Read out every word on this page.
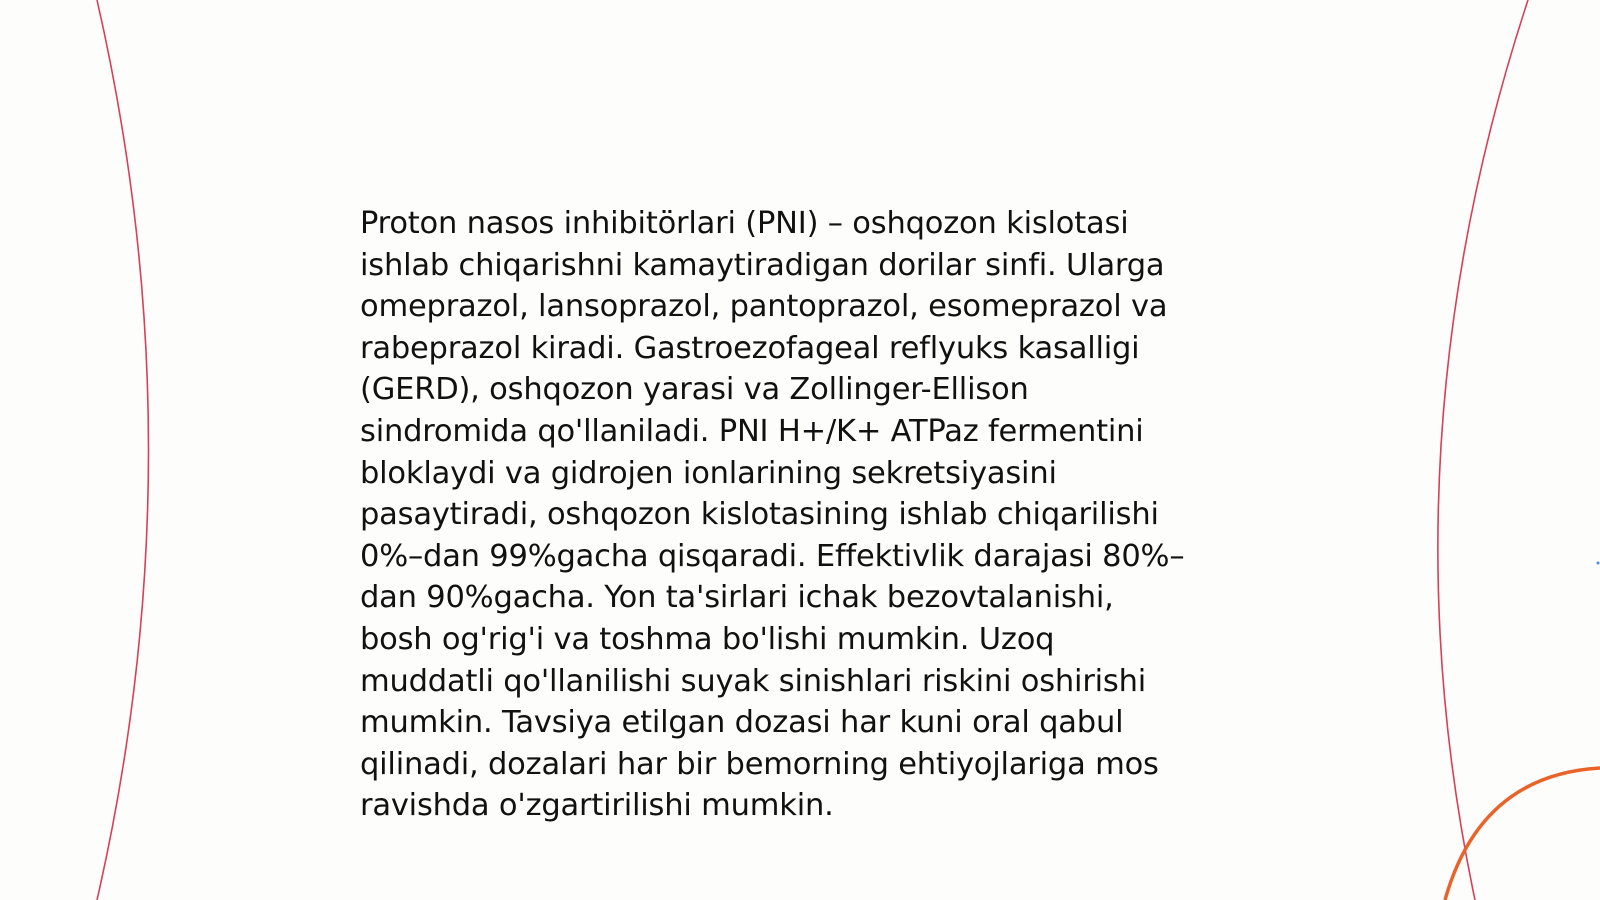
Proton nasos inhibitörlari (PNI) – oshqozon kislotasi
ishlab chiqarishni kamaytiradigan dorilar sinfi. Ularga
omeprazol, lansoprazol, pantoprazol, esomeprazol va
rabeprazol kiradi. Gastroezofageal reflyuks kasalligi
(GERD), oshqozon yarasi va Zollinger-Ellison
sindromida qo'llaniladi. PNI H+/K+ ATPaz fermentini
bloklaydi va gidrojen ionlarining sekretsiyasini
pasaytiradi, oshqozon kislotasining ishlab chiqarilishi
0%–dan 99%gacha qisqaradi. Effektivlik darajasi 80%–
dan 90%gacha. Yon ta'sirlari ichak bezovtalanishi,
bosh og'rig'i va toshma bo'lishi mumkin. Uzoq
muddatli qo'llanilishi suyak sinishlari riskini oshirishi
mumkin. Tavsiya etilgan dozasi har kuni oral qabul
qilinadi, dozalari har bir bemorning ehtiyojlariga mos
ravishda o'zgartirilishi mumkin.
